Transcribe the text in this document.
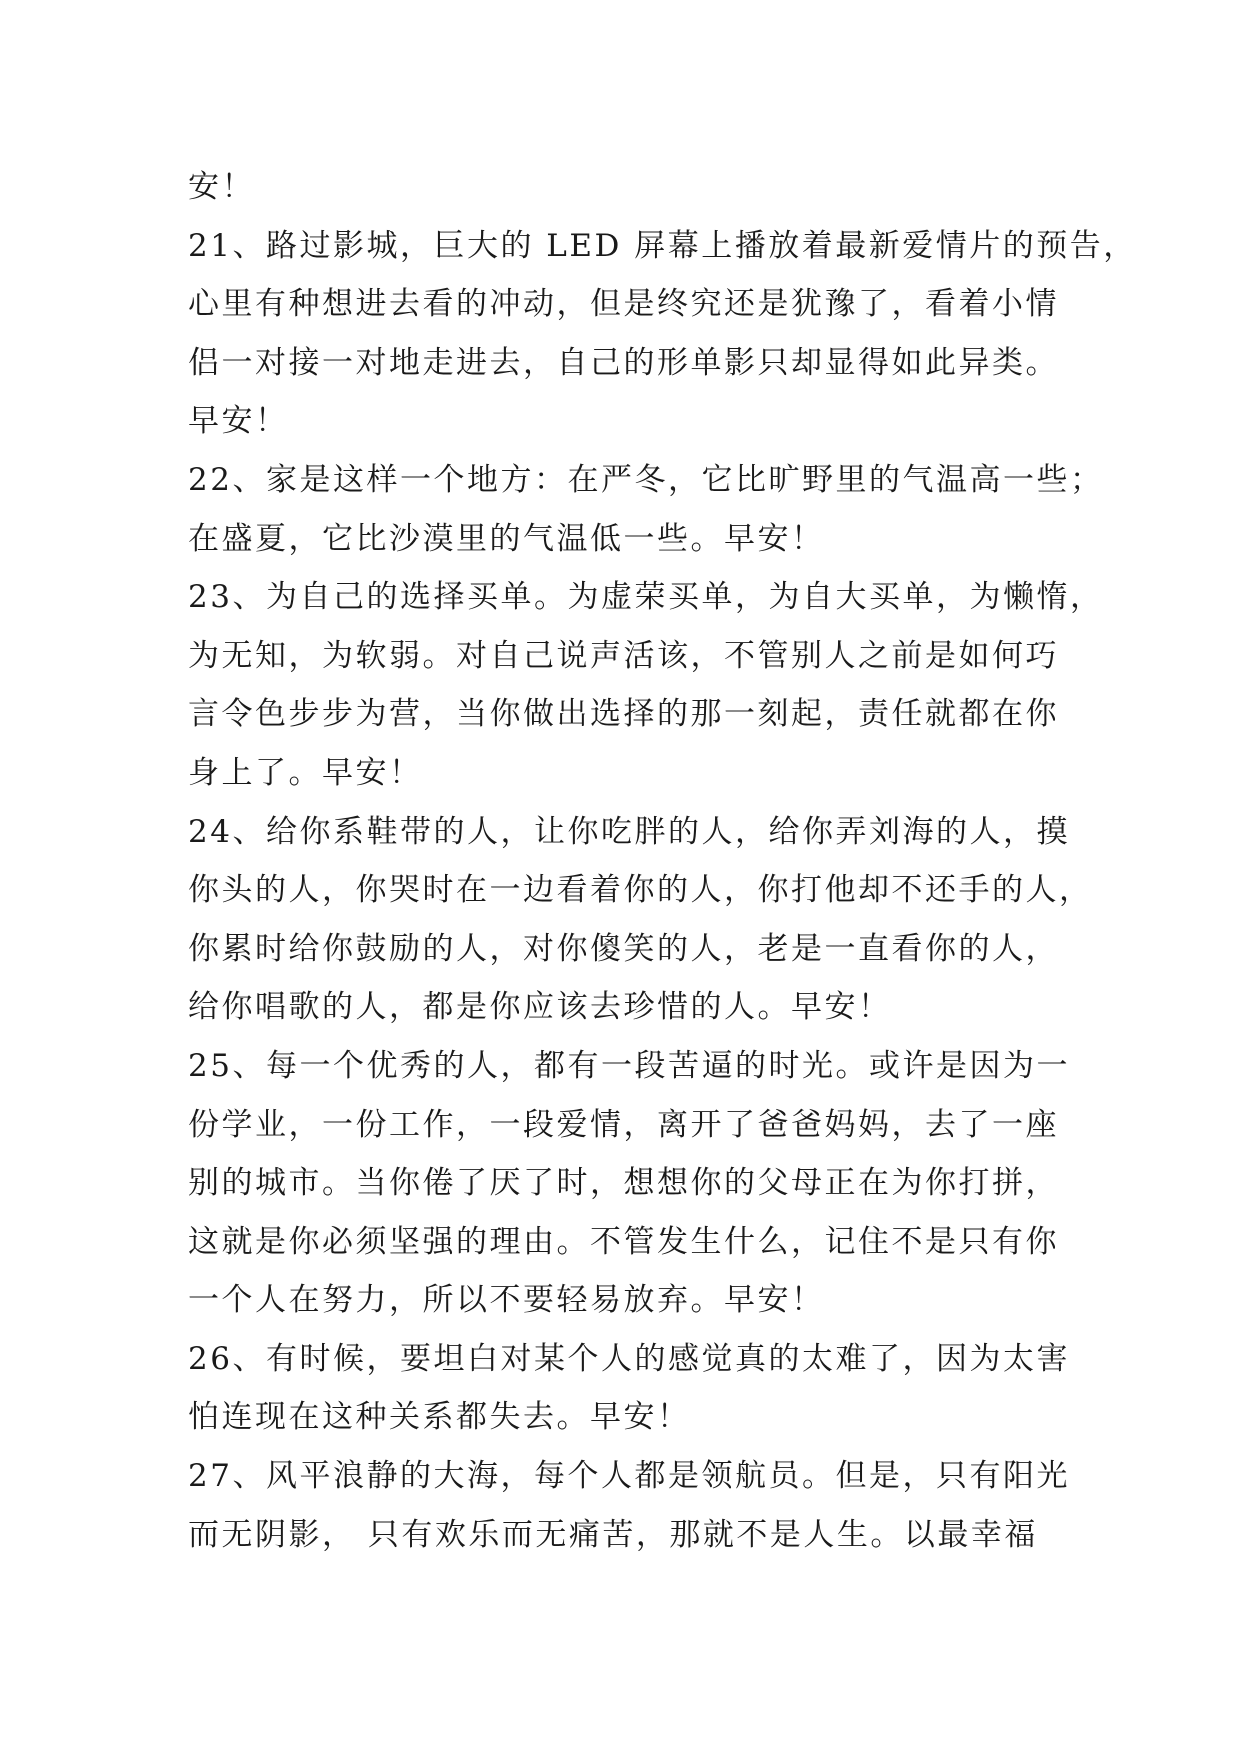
安！
21、路过影城，巨大的 LED 屏幕上播放着最新爱情片的预告，
心里有种想进去看的冲动，但是终究还是犹豫了，看着小情
侣一对接一对地走进去，自己的形单影只却显得如此异类。
早安！
22、家是这样一个地方：在严冬，它比旷野里的气温高一些；
在盛夏，它比沙漠里的气温低一些。早安！
23、为自己的选择买单。为虚荣买单，为自大买单，为懒惰，
为无知，为软弱。对自己说声活该，不管别人之前是如何巧
言令色步步为营，当你做出选择的那一刻起，责任就都在你
身上了。早安！
24、给你系鞋带的人，让你吃胖的人，给你弄刘海的人，摸
你头的人，你哭时在一边看着你的人，你打他却不还手的人，
你累时给你鼓励的人，对你傻笑的人，老是一直看你的人，
给你唱歌的人，都是你应该去珍惜的人。早安！
25、每一个优秀的人，都有一段苦逼的时光。或许是因为一
份学业，一份工作，一段爱情，离开了爸爸妈妈，去了一座
别的城市。当你倦了厌了时，想想你的父母正在为你打拼，
这就是你必须坚强的理由。不管发生什么，记住不是只有你
一个人在努力，所以不要轻易放弃。早安！
26、有时候，要坦白对某个人的感觉真的太难了，因为太害
怕连现在这种关系都失去。早安！
27、风平浪静的大海，每个人都是领航员。但是，只有阳光
而无阴影， 只有欢乐而无痛苦，那就不是人生。以最幸福
